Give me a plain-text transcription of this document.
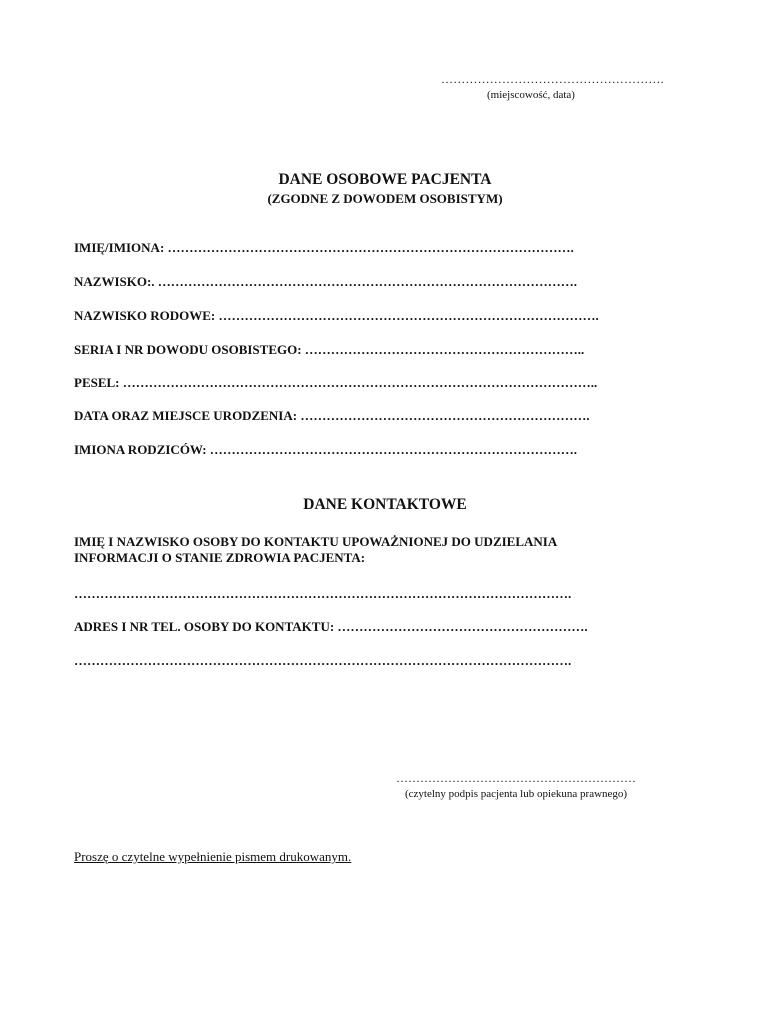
……………………………………………….
(miejscowość, data)
DANE OSOBOWE PACJENTA
(ZGODNE Z DOWODEM OSOBISTYM)
IMIĘ/IMIONA: ………………………………………………………………………………….
NAZWISKO:. …………………………………………………………………………………….
NAZWISKO RODOWE: …………………………………………………………………………….
SERIA I NR DOWODU OSOBISTEGO: ………………………………………………………..
PESEL: ………………………………………………………………………………………………..
DATA ORAZ MIEJSCE URODZENIA: ………………………………………………………….
IMIONA RODZICÓW: ………………………………………………………………………….
DANE KONTAKTOWE
IMIĘ I NAZWISKO OSOBY DO KONTAKTU UPOWAŻNIONEJ DO UDZIELANIA
INFORMACJI O STANIE ZDROWIA PACJENTA:
…………………………………………………………………………………………………….
ADRES I NR TEL. OSOBY DO KONTAKTU: ………………………………………………….
…………………………………………………………………………………………………….
……………………………………………………
(czytelny podpis pacjenta lub opiekuna prawnego)
Proszę o czytelne wypełnienie pismem drukowanym.
